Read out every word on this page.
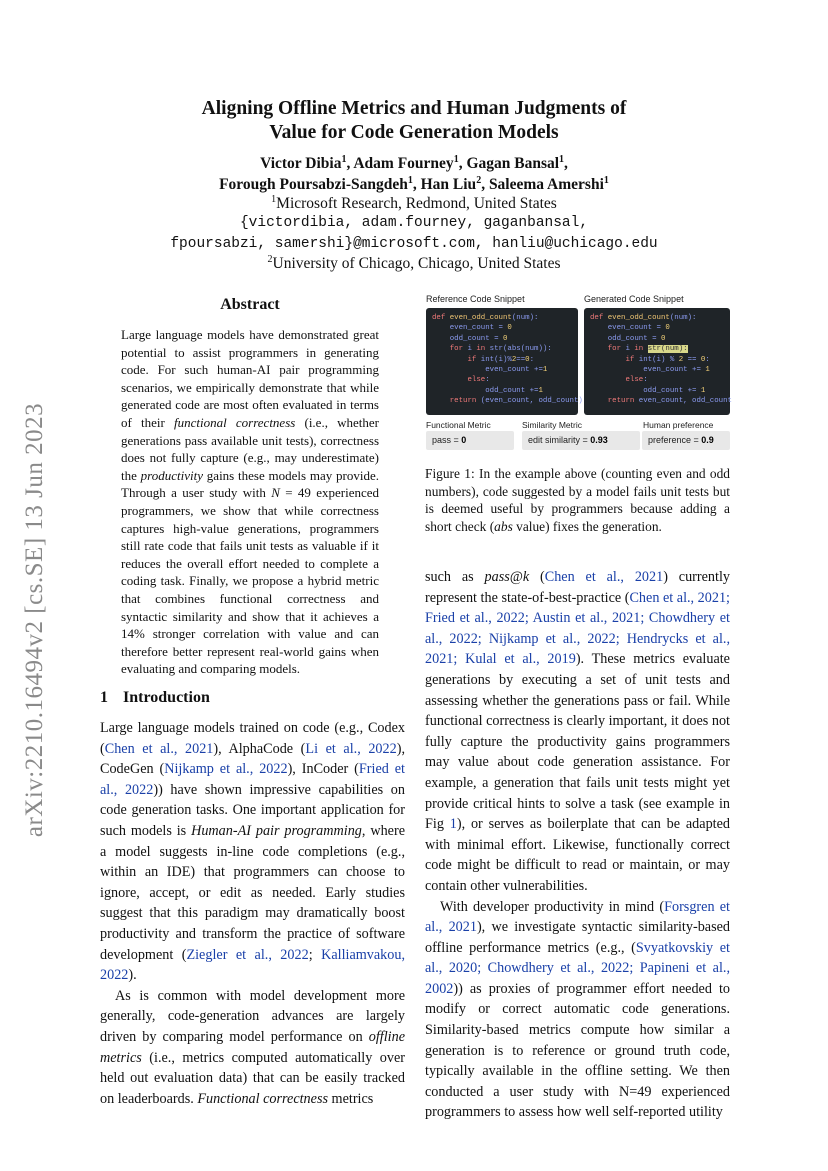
arXiv:2210.16494v2 [cs.SE] 13 Jun 2023
Aligning Offline Metrics and Human Judgments of
Value for Code Generation Models
Victor Dibia$^1$, Adam Fourney$^1$, Gagan Bansal$^1$,
Forough Poursabzi-Sangdeh$^1$, Han Liu$^2$, Saleema Amershi$^1$
$^1$Microsoft Research, Redmond, United States
{victordibia, adam.fourney, gaganbansal,
fpoursabzi, samershi}@microsoft.com, hanliu@uchicago.edu
$^2$University of Chicago, Chicago, United States
Abstract

Large language models have demonstrated great potential to assist programmers in generating code. For such human-AI pair programming scenarios, we empirically demonstrate that while generated code are most often evaluated in terms of their functional correctness (i.e., whether generations pass available unit tests), correctness does not fully capture (e.g., may underestimate) the productivity gains these models may provide. Through a user study with N = 49 experienced programmers, we show that while correctness captures high-value generations, programmers still rate code that fails unit tests as valuable if it reduces the overall effort needed to complete a coding task. Finally, we propose a hybrid metric that combines functional correctness and syntactic similarity and show that it achieves a 14% stronger correlation with value and can therefore better represent real-world gains when evaluating and comparing models.

1 Introduction

Large language models trained on code (e.g., Codex (Chen et al., 2021), AlphaCode (Li et al., 2022), CodeGen (Nijkamp et al., 2022), InCoder (Fried et al., 2022)) have shown impressive capabilities on code generation tasks. One important application for such models is Human-AI pair programming, where a model suggests in-line code completions (e.g., within an IDE) that programmers can choose to ignore, accept, or edit as needed. Early studies suggest that this paradigm may dramatically boost productivity and transform the practice of software development (Ziegler et al., 2022; Kalliamvakou, 2022).

As is common with model development more generally, code-generation advances are largely driven by comparing model performance on offline metrics (i.e., metrics computed automatically over held out evaluation data) that can be easily tracked on leaderboards. Functional correctness metrics

Reference Code Snippet	Generated Code Snippet
def even_odd_count(num):
even_count = 0
odd_count = 0
for i in str(abs(num)):
if int(i)%2==0:
even_count +=1
else:
odd_count +=1
return (even_count, odd_count)
def even_odd_count(num):
even_count = 0
odd_count = 0
for i in str(num):
if int(i) % 2 == 0:
even_count += 1
else:
odd_count += 1
return even_count, odd_count
Functional Metric	Similarity Metric	Human preference
pass = 0	edit similarity = 0.93	preference = 0.9
Figure 1: In the example above (counting even and odd numbers), code suggested by a model fails unit tests but is deemed useful by programmers because adding a short check (abs value) fixes the generation.

such as pass@k (Chen et al., 2021) currently represent the state-of-best-practice (Chen et al., 2021; Fried et al., 2022; Austin et al., 2021; Chowdhery et al., 2022; Nijkamp et al., 2022; Hendrycks et al., 2021; Kulal et al., 2019). These metrics evaluate generations by executing a set of unit tests and assessing whether the generations pass or fail. While functional correctness is clearly important, it does not fully capture the productivity gains programmers may value about code generation assistance. For example, a generation that fails unit tests might yet provide critical hints to solve a task (see example in Fig 1), or serves as boilerplate that can be adapted with minimal effort. Likewise, functionally correct code might be difficult to read or maintain, or may contain other vulnerabilities.

With developer productivity in mind (Forsgren et al., 2021), we investigate syntactic similarity-based offline performance metrics (e.g., (Svyatkovskiy et al., 2020; Chowdhery et al., 2022; Papineni et al., 2002)) as proxies of programmer effort needed to modify or correct automatic code generations. Similarity-based metrics compute how similar a generation is to reference or ground truth code, typically available in the offline setting. We then conducted a user study with N=49 experienced programmers to assess how well self-reported utility
